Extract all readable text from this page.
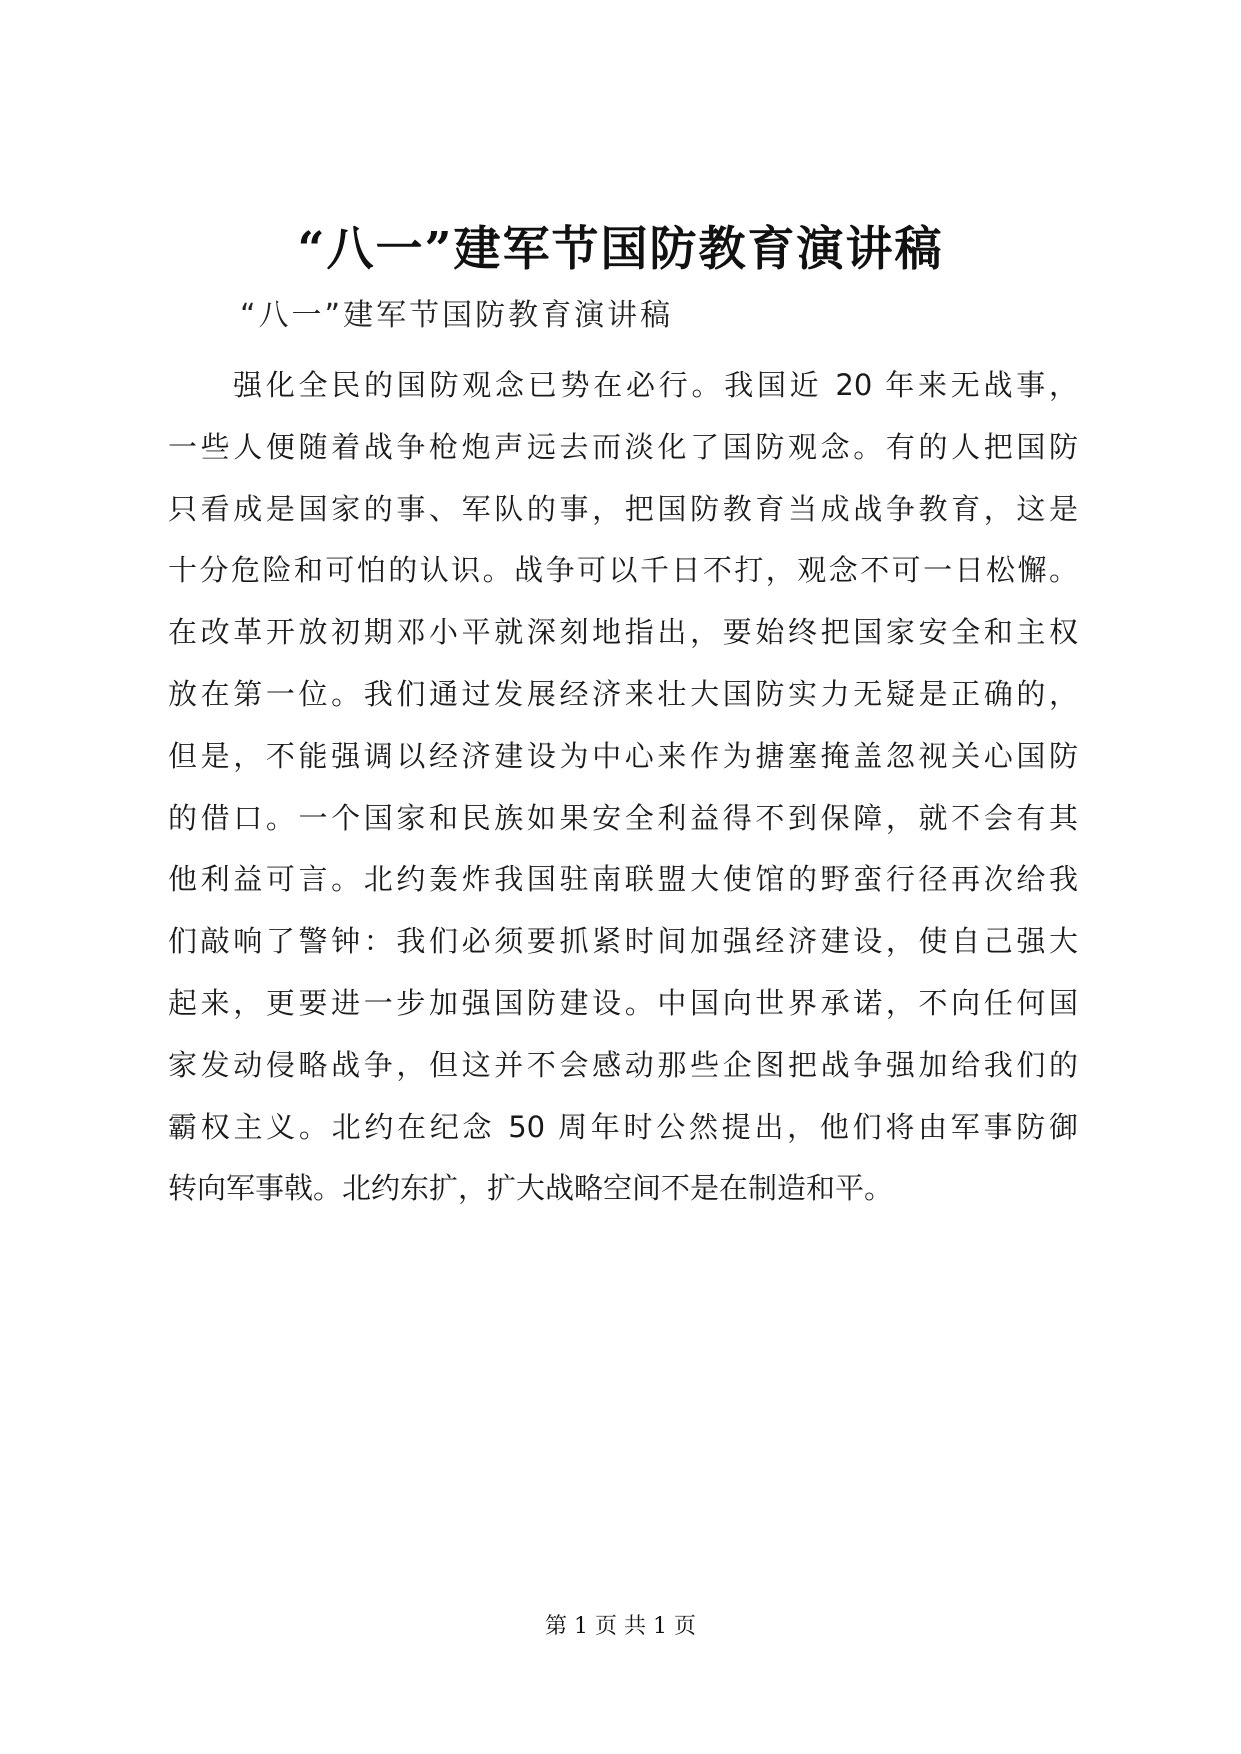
“八一”建军节国防教育演讲稿
“八一”建军节国防教育演讲稿
强化全民的国防观念已势在必行。我国近 20 年来无战事，
一些人便随着战争枪炮声远去而淡化了国防观念。有的人把国防
只看成是国家的事、军队的事，把国防教育当成战争教育，这是
十分危险和可怕的认识。战争可以千日不打，观念不可一日松懈。
在改革开放初期邓小平就深刻地指出，要始终把国家安全和主权
放在第一位。我们通过发展经济来壮大国防实力无疑是正确的，
但是，不能强调以经济建设为中心来作为搪塞掩盖忽视关心国防
的借口。一个国家和民族如果安全利益得不到保障，就不会有其
他利益可言。北约轰炸我国驻南联盟大使馆的野蛮行径再次给我
们敲响了警钟：我们必须要抓紧时间加强经济建设，使自己强大
起来，更要进一步加强国防建设。中国向世界承诺，不向任何国
家发动侵略战争，但这并不会感动那些企图把战争强加给我们的
霸权主义。北约在纪念 50 周年时公然提出，他们将由军事防御
转向军事戟。北约东扩，扩大战略空间不是在制造和平。
第 1 页 共 1 页
